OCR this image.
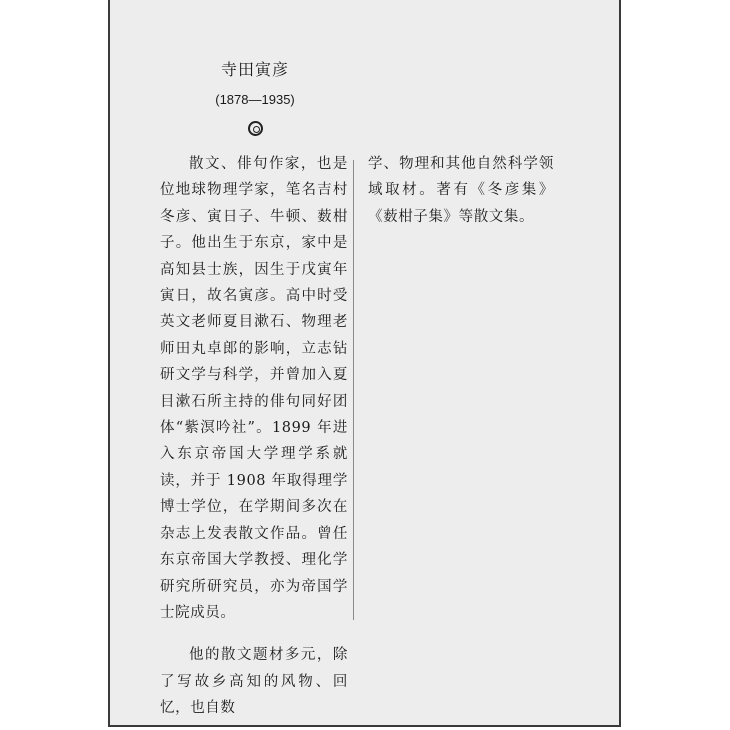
寺田寅彦
(1878—1935)

散文、俳句作家，也是位地球物理学家，笔名吉村冬彦、寅日子、牛顿、薮柑子。他出生于东京，家中是高知县士族，因生于戊寅年寅日，故名寅彦。高中时受英文老师夏目漱石、物理老师田丸卓郎的影响，立志钻研文学与科学，并曾加入夏目漱石所主持的俳句同好团体“紫溟吟社”。1899 年进入东京帝国大学理学系就读，并于 1908 年取得理学博士学位，在学期间多次在杂志上发表散文作品。曾任东京帝国大学教授、理化学研究所研究员，亦为帝国学士院成员。

他的散文题材多元，除了写故乡高知的风物、回忆，也自数

学、物理和其他自然科学领域取材。著有《冬彦集》《薮柑子集》等散文集。
